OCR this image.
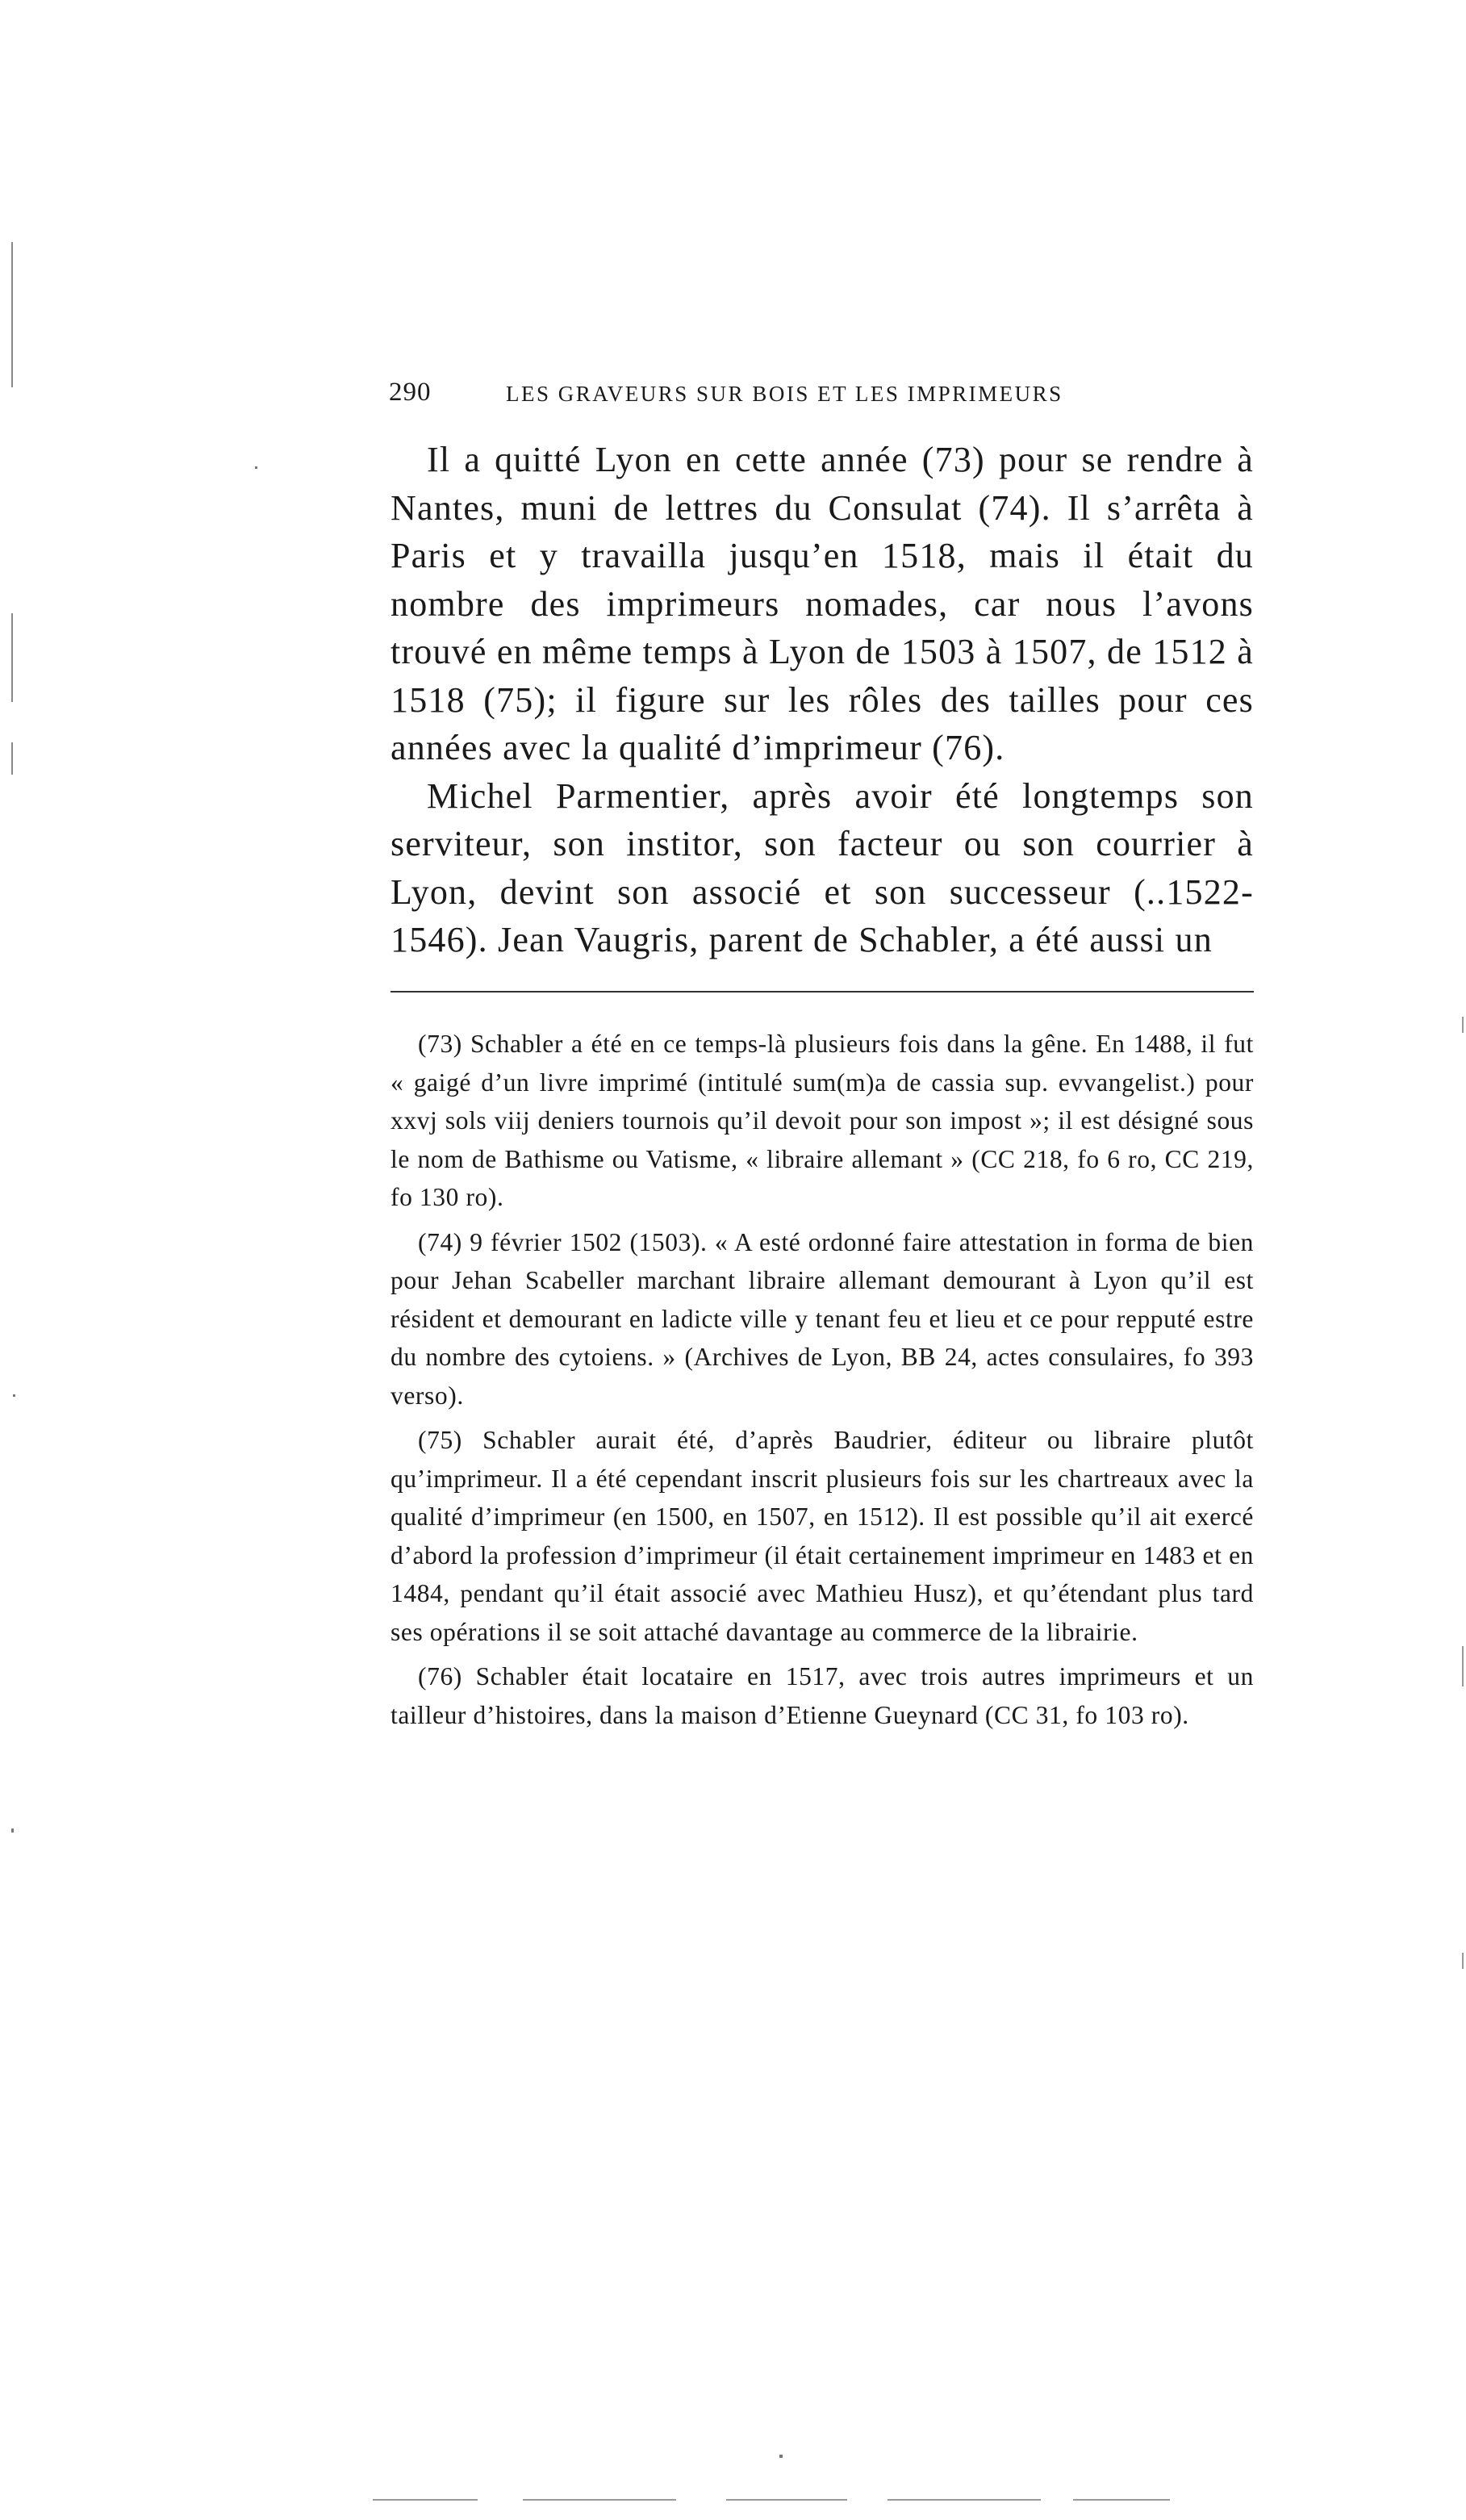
290	LES GRAVEURS SUR BOIS ET LES IMPRIMEURS

Il a quitté Lyon en cette année (73) pour se rendre à Nantes, muni de lettres du Consulat (74). Il s’arrêta à Paris et y travailla jusqu’en 1518, mais il était du nombre des imprimeurs nomades, car nous l’avons trouvé en même temps à Lyon de 1503 à 1507, de 1512 à 1518 (75); il figure sur les rôles des tailles pour ces années avec la qualité d’imprimeur (76).

Michel Parmentier, après avoir été longtemps son serviteur, son institor, son facteur ou son courrier à Lyon, devint son associé et son successeur (..1522-1546). Jean Vaugris, parent de Schabler, a été aussi un

(73) Schabler a été en ce temps-là plusieurs fois dans la gêne. En 1488, il fut « gaigé d’un livre imprimé (intitulé sum(m)a de cassia sup. evvangelist.) pour xxvj sols viij deniers tournois qu’il devoit pour son impost »; il est désigné sous le nom de Bathisme ou Vatisme, « libraire allemant » (CC 218, fo 6 ro, CC 219, fo 130 ro).

(74) 9 février 1502 (1503). « A esté ordonné faire attestation in forma de bien pour Jehan Scabeller marchant libraire allemant demourant à Lyon qu’il est résident et demourant en ladicte ville y tenant feu et lieu et ce pour repputé estre du nombre des cytoiens. » (Archives de Lyon, BB 24, actes consulaires, fo 393 verso).

(75) Schabler aurait été, d’après Baudrier, éditeur ou libraire plutôt qu’imprimeur. Il a été cependant inscrit plusieurs fois sur les chartreaux avec la qualité d’imprimeur (en 1500, en 1507, en 1512). Il est possible qu’il ait exercé d’abord la profession d’imprimeur (il était certainement imprimeur en 1483 et en 1484, pendant qu’il était associé avec Mathieu Husz), et qu’étendant plus tard ses opérations il se soit attaché davantage au commerce de la librairie.

(76) Schabler était locataire en 1517, avec trois autres imprimeurs et un tailleur d’histoires, dans la maison d’Etienne Gueynard (CC 31, fo 103 ro).
